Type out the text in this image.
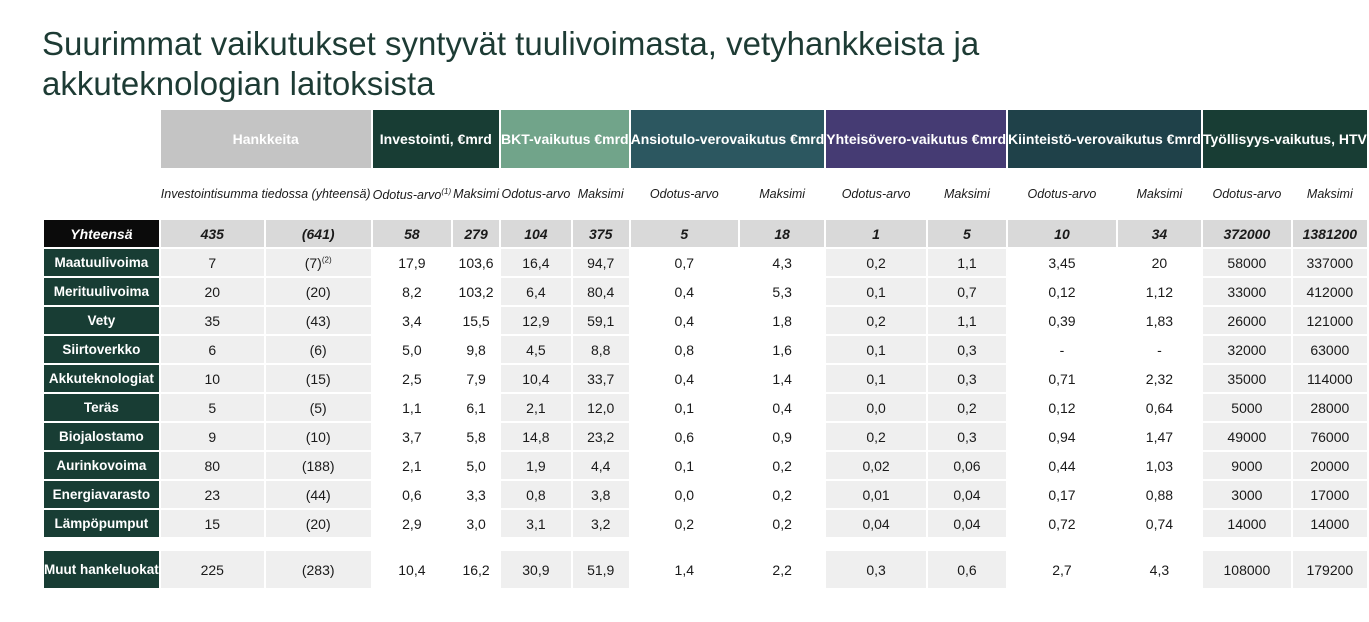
Suurimmat vaikutukset syntyvät tuulivoimasta, vetyhankkeista ja akkuteknologian laitoksista
	Hankkeita		Investointi, €mrd		BKT-vaikutus €mrd		Ansiotulo-verovaikutus €mrd		Yhteisövero-vaikutus €mrd		Kiinteistö-verovaikutus €mrd		Työllisyys-vaikutus, HTV	
	Investointisumma tiedossa (yhteensä)		Odotus-arvo$^{(1)}$	Maksimi	Odotus-arvo	Maksimi	Odotus-arvo	Maksimi	Odotus-arvo	Maksimi	Odotus-arvo	Maksimi	Odotus-arvo	Maksimi
Yhteensä	435	(641)	58	279	104	375	5	18	1	5	10	34	372000	1381200
Maatuulivoima	7	$(7)^{(2)}$	17,9	103,6	16,4	94,7	0,7	4,3	0,2	1,1	3,45	20	58000	337000
Merituulivoima	20	(20)	8,2	103,2	6,4	80,4	0,4	5,3	0,1	0,7	0,12	1,12	33000	412000
Vety	35	(43)	3,4	15,5	12,9	59,1	0,4	1,8	0,2	1,1	0,39	1,83	26000	121000
Siirtoverkko	6	(6)	5,0	9,8	4,5	8,8	0,8	1,6	0,1	0,3	-	-	32000	63000
Akkuteknologiat	10	(15)	2,5	7,9	10,4	33,7	0,4	1,4	0,1	0,3	0,71	2,32	35000	114000
Teräs	5	(5)	1,1	6,1	2,1	12,0	0,1	0,4	0,0	0,2	0,12	0,64	5000	28000
Biojalostamo	9	(10)	3,7	5,8	14,8	23,2	0,6	0,9	0,2	0,3	0,94	1,47	49000	76000
Aurinkovoima	80	(188)	2,1	5,0	1,9	4,4	0,1	0,2	0,02	0,06	0,44	1,03	9000	20000
Energiavarasto	23	(44)	0,6	3,3	0,8	3,8	0,0	0,2	0,01	0,04	0,17	0,88	3000	17000
Lämpöpumput	15	(20)	2,9	3,0	3,1	3,2	0,2	0,2	0,04	0,04	0,72	0,74	14000	14000

Muut hankeluokat	225	(283)	10,4	16,2	30,9	51,9	1,4	2,2	0,3	0,6	2,7	4,3	108000	179200
